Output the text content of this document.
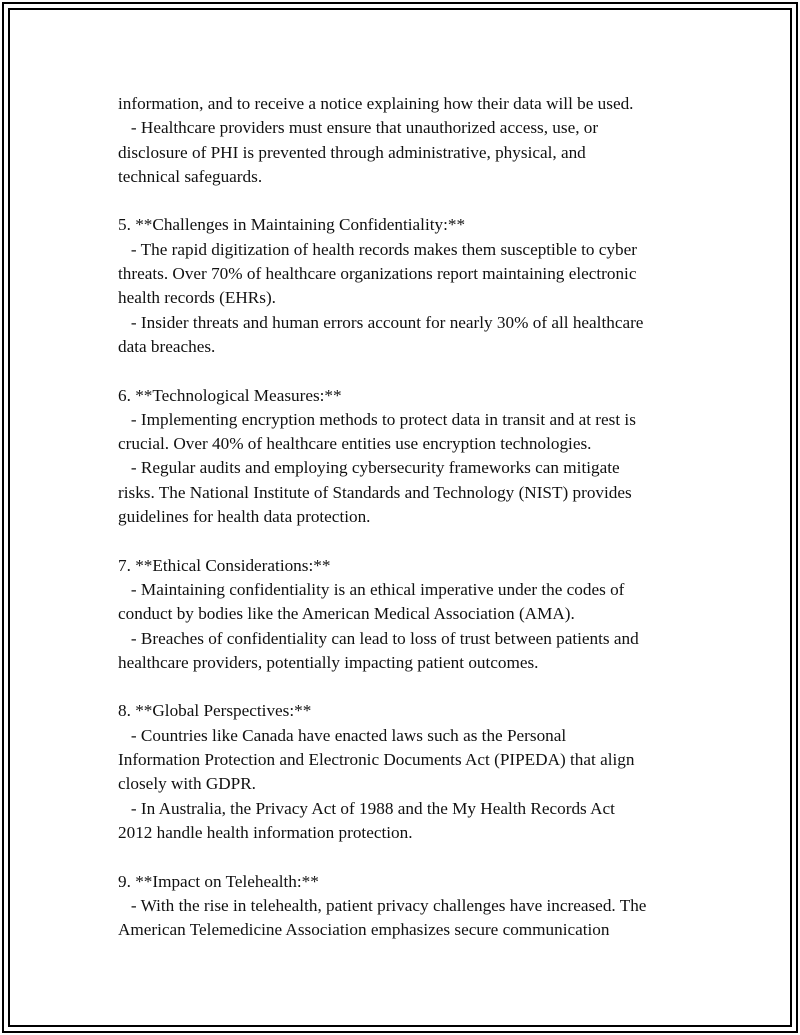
information, and to receive a notice explaining how their data will be used.
- Healthcare providers must ensure that unauthorized access, use, or
disclosure of PHI is prevented through administrative, physical, and
technical safeguards.
5. **Challenges in Maintaining Confidentiality:**
- The rapid digitization of health records makes them susceptible to cyber
threats. Over 70% of healthcare organizations report maintaining electronic
health records (EHRs).
- Insider threats and human errors account for nearly 30% of all healthcare
data breaches.
6. **Technological Measures:**
- Implementing encryption methods to protect data in transit and at rest is
crucial. Over 40% of healthcare entities use encryption technologies.
- Regular audits and employing cybersecurity frameworks can mitigate
risks. The National Institute of Standards and Technology (NIST) provides
guidelines for health data protection.
7. **Ethical Considerations:**
- Maintaining confidentiality is an ethical imperative under the codes of
conduct by bodies like the American Medical Association (AMA).
- Breaches of confidentiality can lead to loss of trust between patients and
healthcare providers, potentially impacting patient outcomes.
8. **Global Perspectives:**
- Countries like Canada have enacted laws such as the Personal
Information Protection and Electronic Documents Act (PIPEDA) that align
closely with GDPR.
- In Australia, the Privacy Act of 1988 and the My Health Records Act
2012 handle health information protection.
9. **Impact on Telehealth:**
- With the rise in telehealth, patient privacy challenges have increased. The
American Telemedicine Association emphasizes secure communication
